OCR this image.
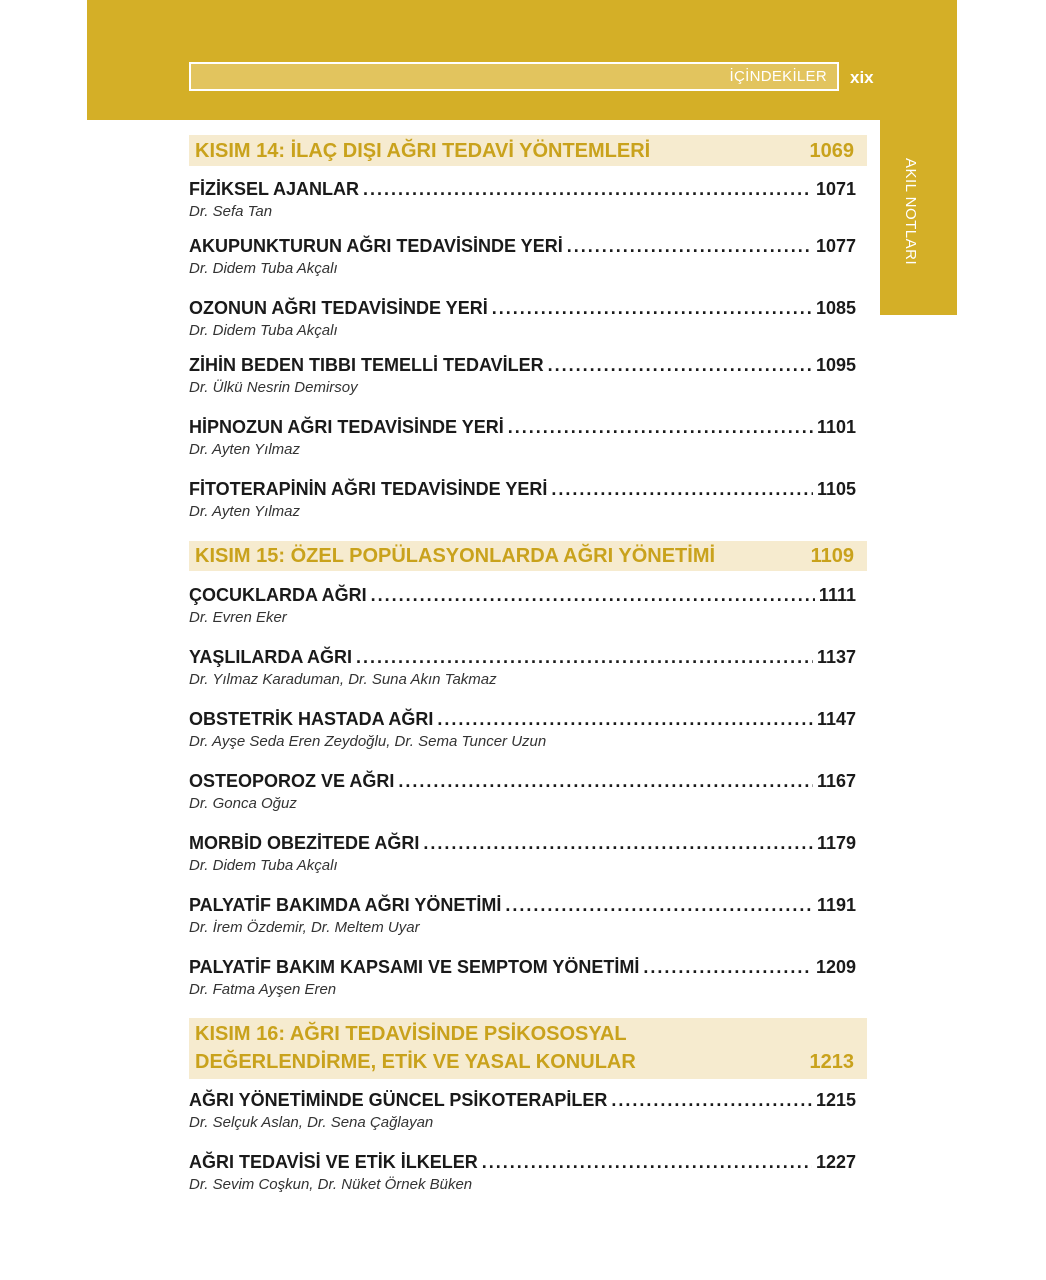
İÇİNDEKİLER xix
AKIL NOTLARI
KISIM 14: İLAÇ DIŞI AĞRI TEDAVİ YÖNTEMLERİ	1069
FİZİKSEL AJANLAR .....	1071
Dr. Sefa Tan
AKUPUNKTURUN AĞRI TEDAVİSİNDE YERİ .....	1077
Dr. Didem Tuba Akçalı
OZONUN AĞRI TEDAVİSİNDE YERİ .....	1085
Dr. Didem Tuba Akçalı
ZİHİN BEDEN TIBBI TEMELLİ TEDAVİLER .....	1095
Dr. Ülkü Nesrin Demirsoy
HİPNOZUN AĞRI TEDAVİSİNDE YERİ .....	1101
Dr. Ayten Yılmaz
FİTOTERAPİNİN AĞRI TEDAVİSİNDE YERİ .....	1105
Dr. Ayten Yılmaz
KISIM 15: ÖZEL POPÜLASYONLARDA AĞRI YÖNETİMİ	1109
ÇOCUKLARDA AĞRI .....	1111
Dr. Evren Eker
YAŞLILARDA AĞRI .....	1137
Dr. Yılmaz Karaduman, Dr. Suna Akın Takmaz
OBSTETRİK HASTADA AĞRI .....	1147
Dr. Ayşe Seda Eren Zeydoğlu, Dr. Sema Tuncer Uzun
OSTEOPOROZ VE AĞRI .....	1167
Dr. Gonca Oğuz
MORBİD OBEZİTEDE AĞRI .....	1179
Dr. Didem Tuba Akçalı
PALYATİF BAKIMDA AĞRI YÖNETİMİ .....	1191
Dr. İrem Özdemir, Dr. Meltem Uyar
PALYATİF BAKIM KAPSAMI VE SEMPTOM YÖNETİMİ .....	1209
Dr. Fatma Ayşen Eren
KISIM 16: AĞRI TEDAVİSİNDE PSİKOSOSYAL
DEĞERLENDİRME, ETİK VE YASAL KONULAR	1213
AĞRI YÖNETİMİNDE GÜNCEL PSİKOTERAPİLER .....	1215
Dr. Selçuk Aslan, Dr. Sena Çağlayan
AĞRI TEDAVİSİ VE ETİK İLKELER .....	1227
Dr. Sevim Coşkun, Dr. Nüket Örnek Büken
